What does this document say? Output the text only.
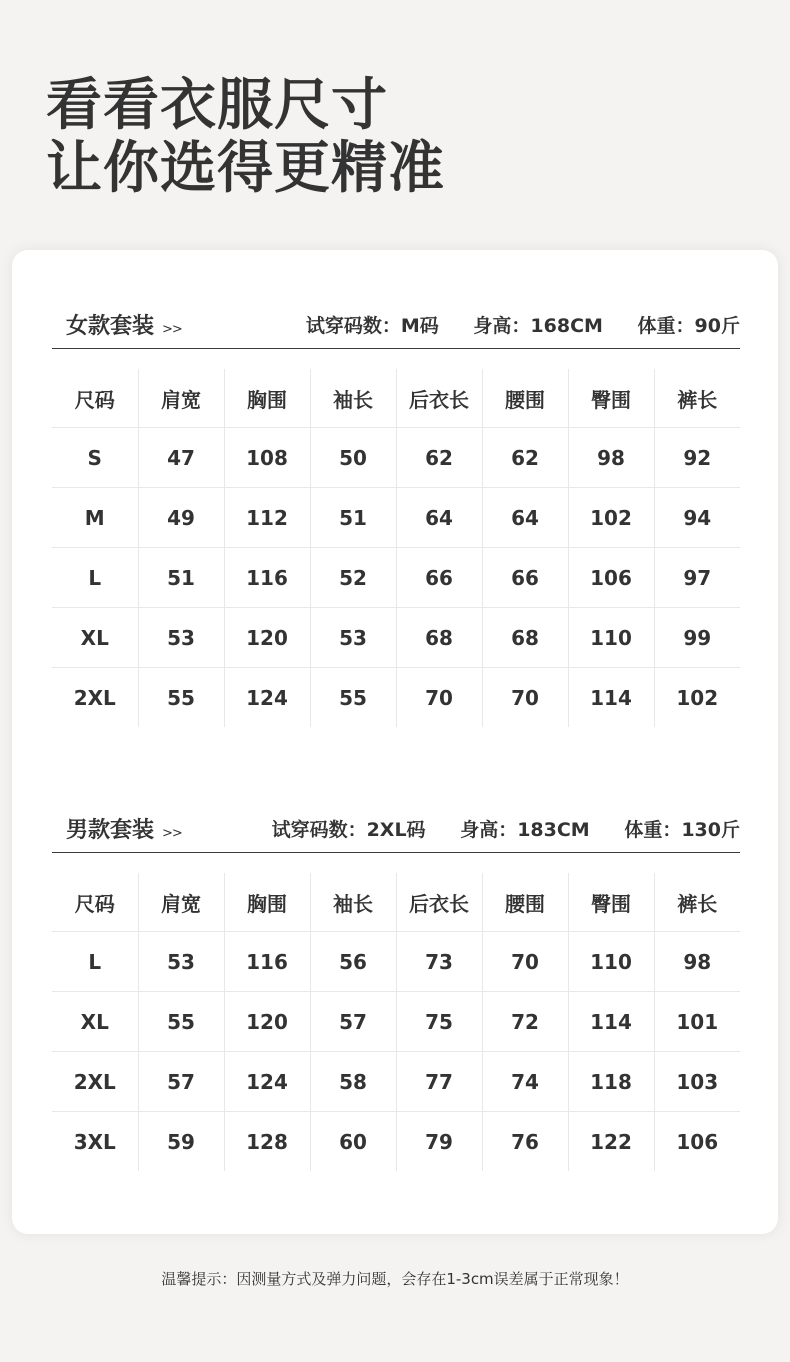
看看衣服尺寸
让你选得更精准
女款套装 >>	试穿码数：M码 身高：168CM 体重：90斤
尺码	肩宽	胸围	袖长	后衣长	腰围	臀围	裤长
S	47	108	50	62	62	98	92
M	49	112	51	64	64	102	94
L	51	116	52	66	66	106	97
XL	53	120	53	68	68	110	99
2XL	55	124	55	70	70	114	102
男款套装 >>	试穿码数：2XL码 身高：183CM 体重：130斤
尺码	肩宽	胸围	袖长	后衣长	腰围	臀围	裤长
L	53	116	56	73	70	110	98
XL	55	120	57	75	72	114	101
2XL	57	124	58	77	74	118	103
3XL	59	128	60	79	76	122	106
温馨提示：因测量方式及弹力问题，会存在1-3cm误差属于正常现象！
